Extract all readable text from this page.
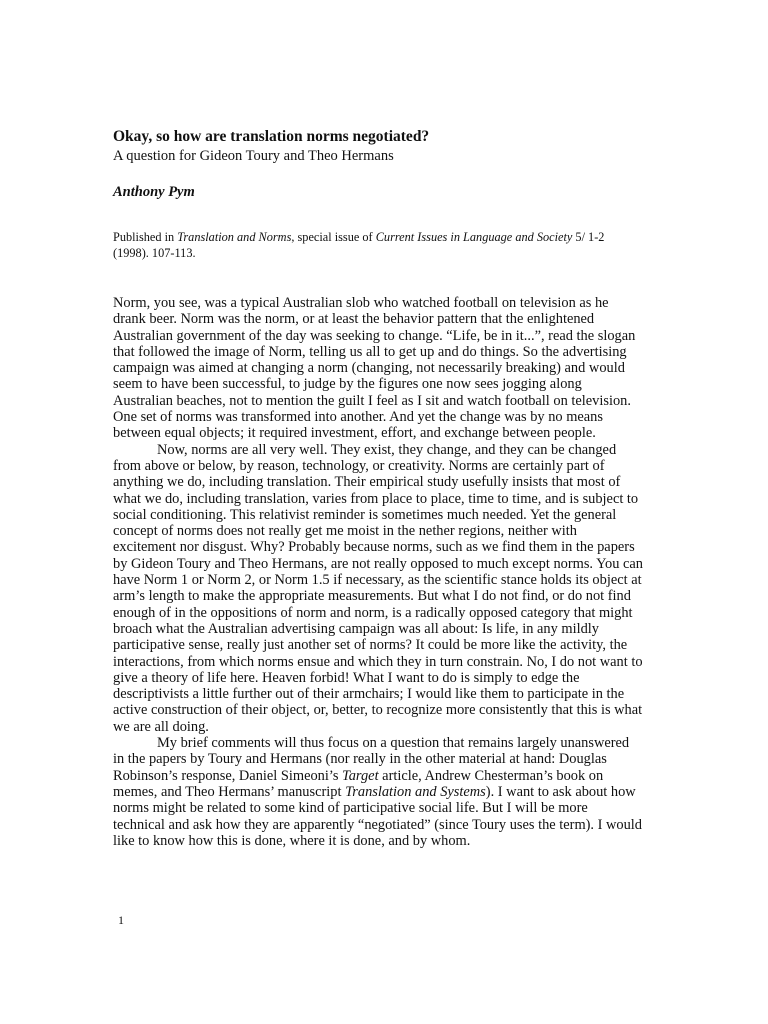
Okay, so how are translation norms negotiated?
A question for Gideon Toury and Theo Hermans
Anthony Pym
Published in Translation and Norms, special issue of Current Issues in Language and Society 5/ 1-2 (1998). 107-113.

Norm, you see, was a typical Australian slob who watched football on television as he drank beer. Norm was the norm, or at least the behavior pattern that the enlightened Australian government of the day was seeking to change. “Life, be in it...”, read the slogan that followed the image of Norm, telling us all to get up and do things. So the advertising campaign was aimed at changing a norm (changing, not necessarily breaking) and would seem to have been successful, to judge by the figures one now sees jogging along Australian beaches, not to mention the guilt I feel as I sit and watch football on television. One set of norms was transformed into another. And yet the change was by no means between equal objects; it required investment, effort, and exchange between people.

Now, norms are all very well. They exist, they change, and they can be changed from above or below, by reason, technology, or creativity. Norms are certainly part of anything we do, including translation. Their empirical study usefully insists that most of what we do, including translation, varies from place to place, time to time, and is subject to social conditioning. This relativist reminder is sometimes much needed. Yet the general concept of norms does not really get me moist in the nether regions, neither with excitement nor disgust. Why? Probably because norms, such as we find them in the papers by Gideon Toury and Theo Hermans, are not really opposed to much except norms. You can have Norm 1 or Norm 2, or Norm 1.5 if necessary, as the scientific stance holds its object at arm’s length to make the appropriate measurements. But what I do not find, or do not find enough of in the oppositions of norm and norm, is a radically opposed category that might broach what the Australian advertising campaign was all about: Is life, in any mildly participative sense, really just another set of norms? It could be more like the activity, the interactions, from which norms ensue and which they in turn constrain. No, I do not want to give a theory of life here. Heaven forbid! What I want to do is simply to edge the descriptivists a little further out of their armchairs; I would like them to participate in the active construction of their object, or, better, to recognize more consistently that this is what we are all doing.

My brief comments will thus focus on a question that remains largely unanswered in the papers by Toury and Hermans (nor really in the other material at hand: Douglas Robinson’s response, Daniel Simeoni’s Target article, Andrew Chesterman’s book on memes, and Theo Hermans’ manuscript Translation and Systems). I want to ask about how norms might be related to some kind of participative social life. But I will be more technical and ask how they are apparently “negotiated” (since Toury uses the term). I would like to know how this is done, where it is done, and by whom.

1
